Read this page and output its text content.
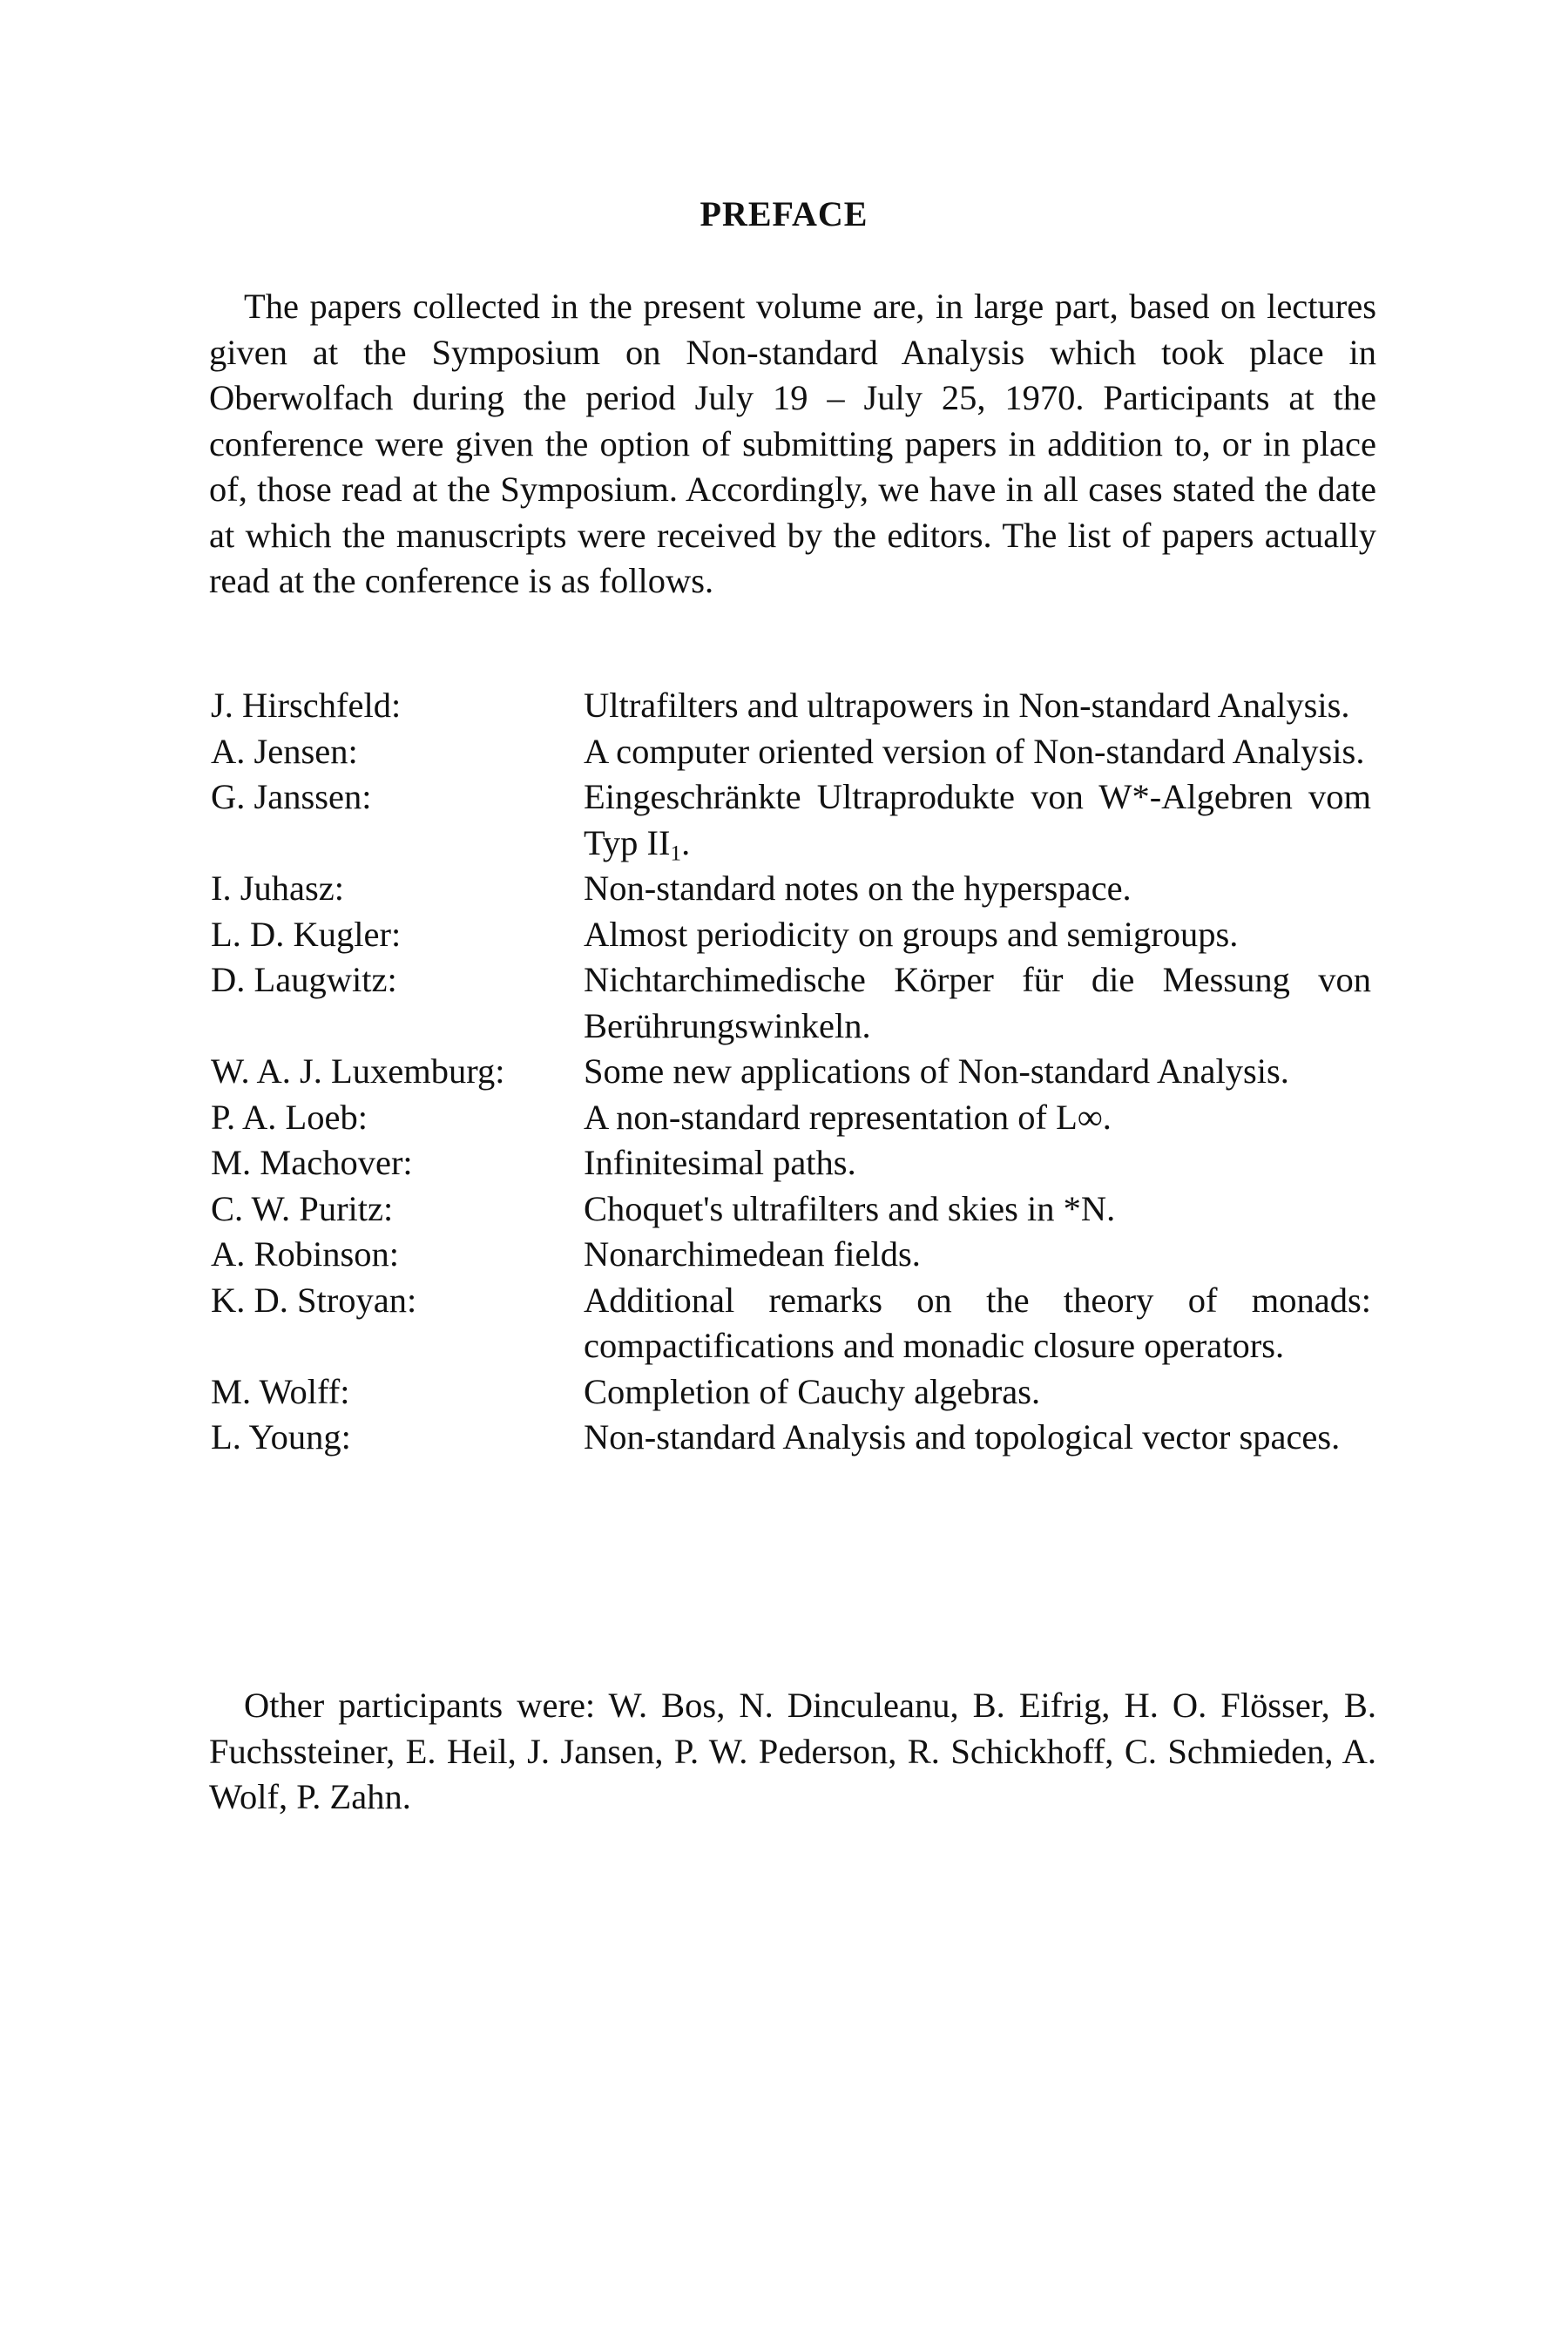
PREFACE

The papers collected in the present volume are, in large part, based on lectures given at the Symposium on Non-standard Analysis which took place in Oberwolfach during the period July 19 – July 25, 1970. Participants at the conference were given the option of submitting papers in addition to, or in place of, those read at the Symposium. Accordingly, we have in all cases stated the date at which the manuscripts were received by the editors. The list of papers actually read at the conference is as follows.

J. Hirschfeld:	Ultrafilters and ultrapowers in Non-standard Analysis.
A. Jensen:	A computer oriented version of Non-standard Analysis.
G. Janssen:	Eingeschränkte Ultraprodukte von W*-Algebren vom Typ $II_1$.
I. Juhasz:	Non-standard notes on the hyperspace.
L. D. Kugler:	Almost periodicity on groups and semigroups.
D. Laugwitz:	Nichtarchimedische Körper für die Messung von Berührungswinkeln.
W. A. J. Luxemburg:	Some new applications of Non-standard Analysis.
P. A. Loeb:	A non-standard representation of L∞.
M. Machover:	Infinitesimal paths.
C. W. Puritz:	Choquet's ultrafilters and skies in *N.
A. Robinson:	Nonarchimedean fields.
K. D. Stroyan:	Additional remarks on the theory of monads: compactifications and monadic closure operators.
M. Wolff:	Completion of Cauchy algebras.
L. Young:	Non-standard Analysis and topological vector spaces.

Other participants were: W. Bos, N. Dinculeanu, B. Eifrig, H. O. Flösser, B. Fuchssteiner, E. Heil, J. Jansen, P. W. Pederson, R. Schickhoff, C. Schmieden, A. Wolf, P. Zahn.
